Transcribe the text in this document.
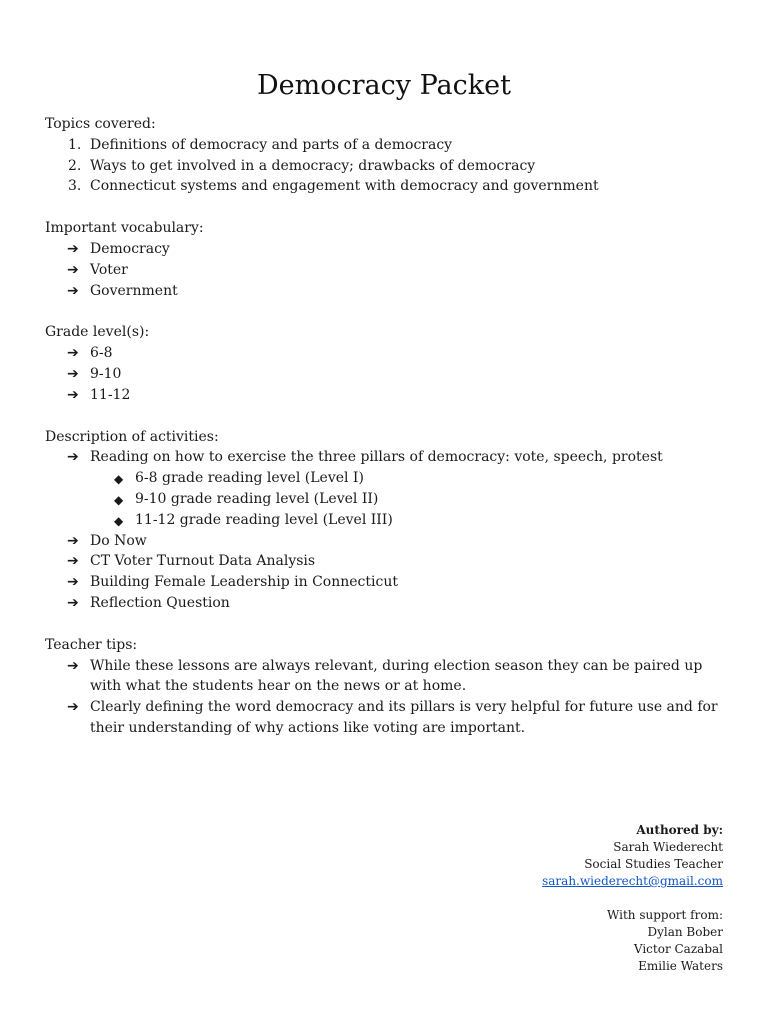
Democracy Packet

Topics covered:

1. Definitions of democracy and parts of a democracy
2. Ways to get involved in a democracy; drawbacks of democracy
3. Connecticut systems and engagement with democracy and government

Important vocabulary:

➔ Democracy
➔ Voter
➔ Government

Grade level(s):

➔ 6-8
➔ 9-10
➔ 11-12

Description of activities:

➔ Reading on how to exercise the three pillars of democracy: vote, speech, protest
◆ 6-8 grade reading level (Level I)
◆ 9-10 grade reading level (Level II)
◆ 11-12 grade reading level (Level III)
➔ Do Now
➔ CT Voter Turnout Data Analysis
➔ Building Female Leadership in Connecticut
➔ Reflection Question

Teacher tips:

➔ While these lessons are always relevant, during election season they can be paired up with what the students hear on the news or at home.
➔ Clearly defining the word democracy and its pillars is very helpful for future use and for their understanding of why actions like voting are important.
Authored by:
Sarah Wiederecht
Social Studies Teacher
sarah.wiederecht@gmail.com
With support from:
Dylan Bober
Victor Cazabal
Emilie Waters
